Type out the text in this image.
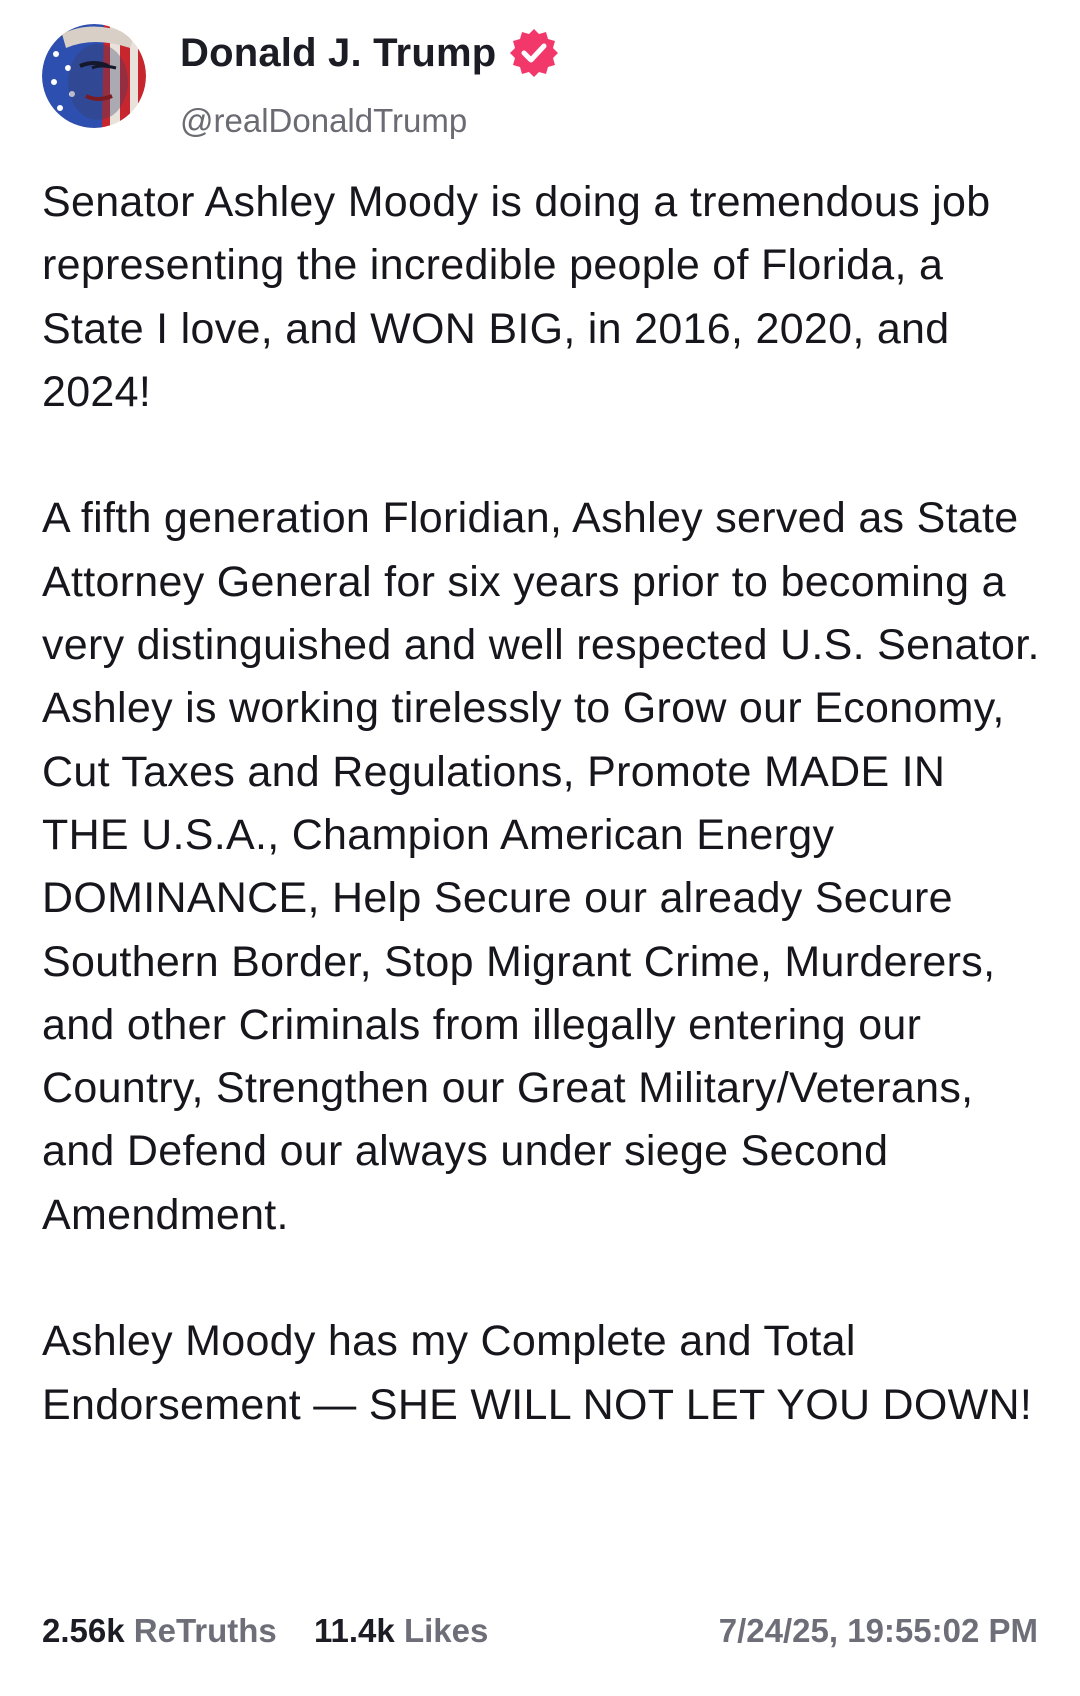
Donald J. Trump
@realDonaldTrump

Senator Ashley Moody is doing a tremendous job representing the incredible people of Florida, a State I love, and WON BIG, in 2016, 2020, and 2024!

A fifth generation Floridian, Ashley served as State Attorney General for six years prior to becoming a very distinguished and well respected U.S. Senator. Ashley is working tirelessly to Grow our Economy, Cut Taxes and Regulations, Promote MADE IN THE U.S.A., Champion American Energy DOMINANCE, Help Secure our already Secure Southern Border, Stop Migrant Crime, Murderers, and other Criminals from illegally entering our Country, Strengthen our Great Military/Veterans, and Defend our always under siege Second Amendment.

Ashley Moody has my Complete and Total Endorsement — SHE WILL NOT LET YOU DOWN!

2.56k ReTruths 11.4k Likes	7/24/25, 19:55:02 PM
